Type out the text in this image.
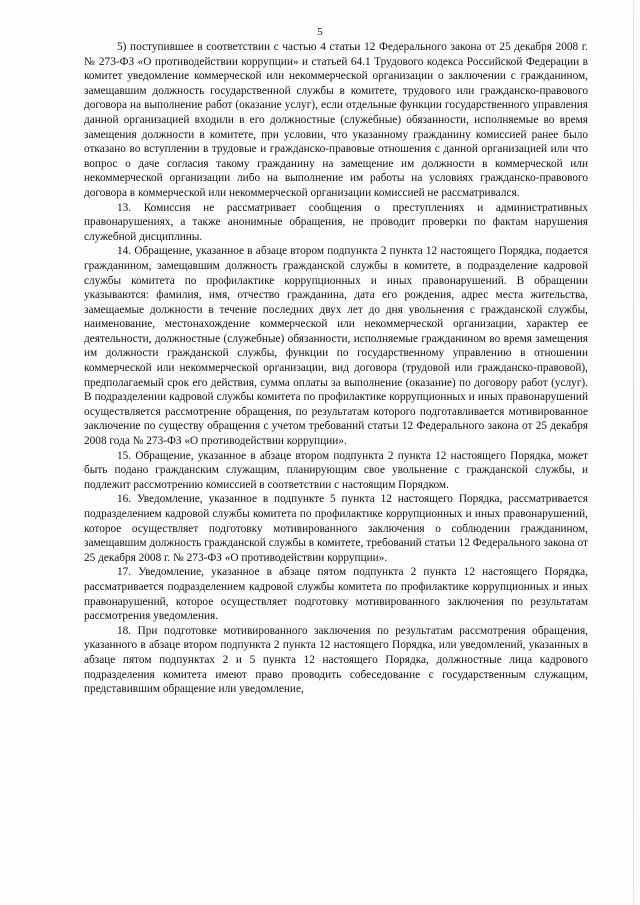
5

5) поступившее в соответствии с частью 4 статьи 12 Федерального закона от 25 декабря 2008 г. № 273-ФЗ «О противодействии коррупции» и статьей 64.1 Трудового кодекса Российской Федерации в комитет уведомление коммерческой или некоммерческой организации о заключении с гражданином, замещавшим должность государственной службы в комитете, трудового или гражданско-правового договора на выполнение работ (оказание услуг), если отдельные функции государственного управления данной организацией входили в его должностные (служебные) обязанности, исполняемые во время замещения должности в комитете, при условии, что указанному гражданину комиссией ранее было отказано во вступлении в трудовые и гражданско-правовые отношения с данной организацией или что вопрос о даче согласия такому гражданину на замещение им должности в коммерческой или некоммерческой организации либо на выполнение им работы на условиях гражданско-правового договора в коммерческой или некоммерческой организации комиссией не рассматривался.

13. Комиссия не рассматривает сообщения о преступлениях и административных правонарушениях, а также анонимные обращения, не проводит проверки по фактам нарушения служебной дисциплины.

14. Обращение, указанное в абзаце втором подпункта 2 пункта 12 настоящего Порядка, подается гражданином, замещавшим должность гражданской службы в комитете, в подразделение кадровой службы комитета по профилактике коррупционных и иных правонарушений. В обращении указываются: фамилия, имя, отчество гражданина, дата его рождения, адрес места жительства, замещаемые должности в течение последних двух лет до дня увольнения с гражданской службы, наименование, местонахождение коммерческой или некоммерческой организации, характер ее деятельности, должностные (служебные) обязанности, исполняемые гражданином во время замещения им должности гражданской службы, функции по государственному управлению в отношении коммерческой или некоммерческой организации, вид договора (трудовой или гражданско-правовой), предполагаемый срок его действия, сумма оплаты за выполнение (оказание) по договору работ (услуг). В подразделении кадровой службы комитета по профилактике коррупционных и иных правонарушений осуществляется рассмотрение обращения, по результатам которого подготавливается мотивированное заключение по существу обращения с учетом требований статьи 12 Федерального закона от 25 декабря 2008 года № 273-ФЗ «О противодействии коррупции».

15. Обращение, указанное в абзаце втором подпункта 2 пункта 12 настоящего Порядка, может быть подано гражданским служащим, планирующим свое увольнение с гражданской службы, и подлежит рассмотрению комиссией в соответствии с настоящим Порядком.

16. Уведомление, указанное в подпункте 5 пункта 12 настоящего Порядка, рассматривается подразделением кадровой службы комитета по профилактике коррупционных и иных правонарушений, которое осуществляет подготовку мотивированного заключения о соблюдении гражданином, замещавшим должность гражданской службы в комитете, требований статьи 12 Федерального закона от 25 декабря 2008 г. № 273-ФЗ «О противодействии коррупции».

17. Уведомление, указанное в абзаце пятом подпункта 2 пункта 12 настоящего Порядка, рассматривается подразделением кадровой службы комитета по профилактике коррупционных и иных правонарушений, которое осуществляет подготовку мотивированного заключения по результатам рассмотрения уведомления.

18. При подготовке мотивированного заключения по результатам рассмотрения обращения, указанного в абзаце втором подпункта 2 пункта 12 настоящего Порядка, или уведомлений, указанных в абзаце пятом подпунктах 2 и 5 пункта 12 настоящего Порядка, должностные лица кадрового подразделения комитета имеют право проводить собеседование с государственным служащим, представившим обращение или уведомление,
